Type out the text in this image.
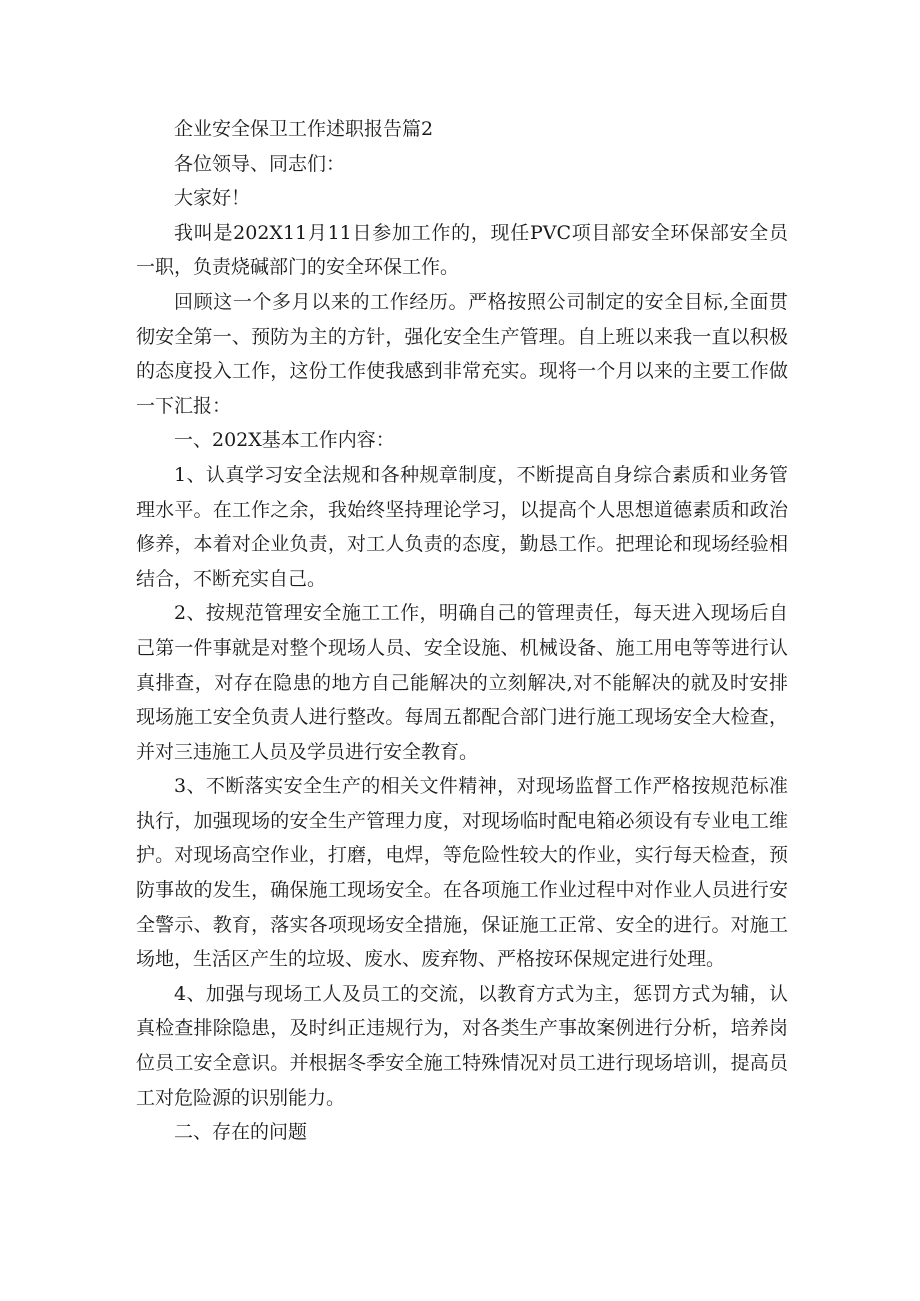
企业安全保卫工作述职报告篇2

各位领导、同志们：

大家好！

我叫是202X11月11日参加工作的，现任PVC项目部安全环保部安全员一职，负责烧碱部门的安全环保工作。

回顾这一个多月以来的工作经历。严格按照公司制定的安全目标,全面贯彻安全第一、预防为主的方针，强化安全生产管理。自上班以来我一直以积极的态度投入工作，这份工作使我感到非常充实。现将一个月以来的主要工作做一下汇报：

一、202X基本工作内容：

1、认真学习安全法规和各种规章制度，不断提高自身综合素质和业务管理水平。在工作之余，我始终坚持理论学习，以提高个人思想道德素质和政治修养，本着对企业负责，对工人负责的态度，勤恳工作。把理论和现场经验相结合，不断充实自己。

2、按规范管理安全施工工作，明确自己的管理责任，每天进入现场后自己第一件事就是对整个现场人员、安全设施、机械设备、施工用电等等进行认真排查，对存在隐患的地方自己能解决的立刻解决,对不能解决的就及时安排现场施工安全负责人进行整改。每周五都配合部门进行施工现场安全大检查，并对三违施工人员及学员进行安全教育。

3、不断落实安全生产的相关文件精神，对现场监督工作严格按规范标准执行，加强现场的安全生产管理力度，对现场临时配电箱必须设有专业电工维护。对现场高空作业，打磨，电焊，等危险性较大的作业，实行每天检查，预防事故的发生，确保施工现场安全。在各项施工作业过程中对作业人员进行安全警示、教育，落实各项现场安全措施，保证施工正常、安全的进行。对施工场地，生活区产生的垃圾、废水、废弃物、严格按环保规定进行处理。

4、加强与现场工人及员工的交流，以教育方式为主，惩罚方式为辅，认真检查排除隐患，及时纠正违规行为，对各类生产事故案例进行分析，培养岗位员工安全意识。并根据冬季安全施工特殊情况对员工进行现场培训，提高员工对危险源的识别能力。

二、存在的问题
